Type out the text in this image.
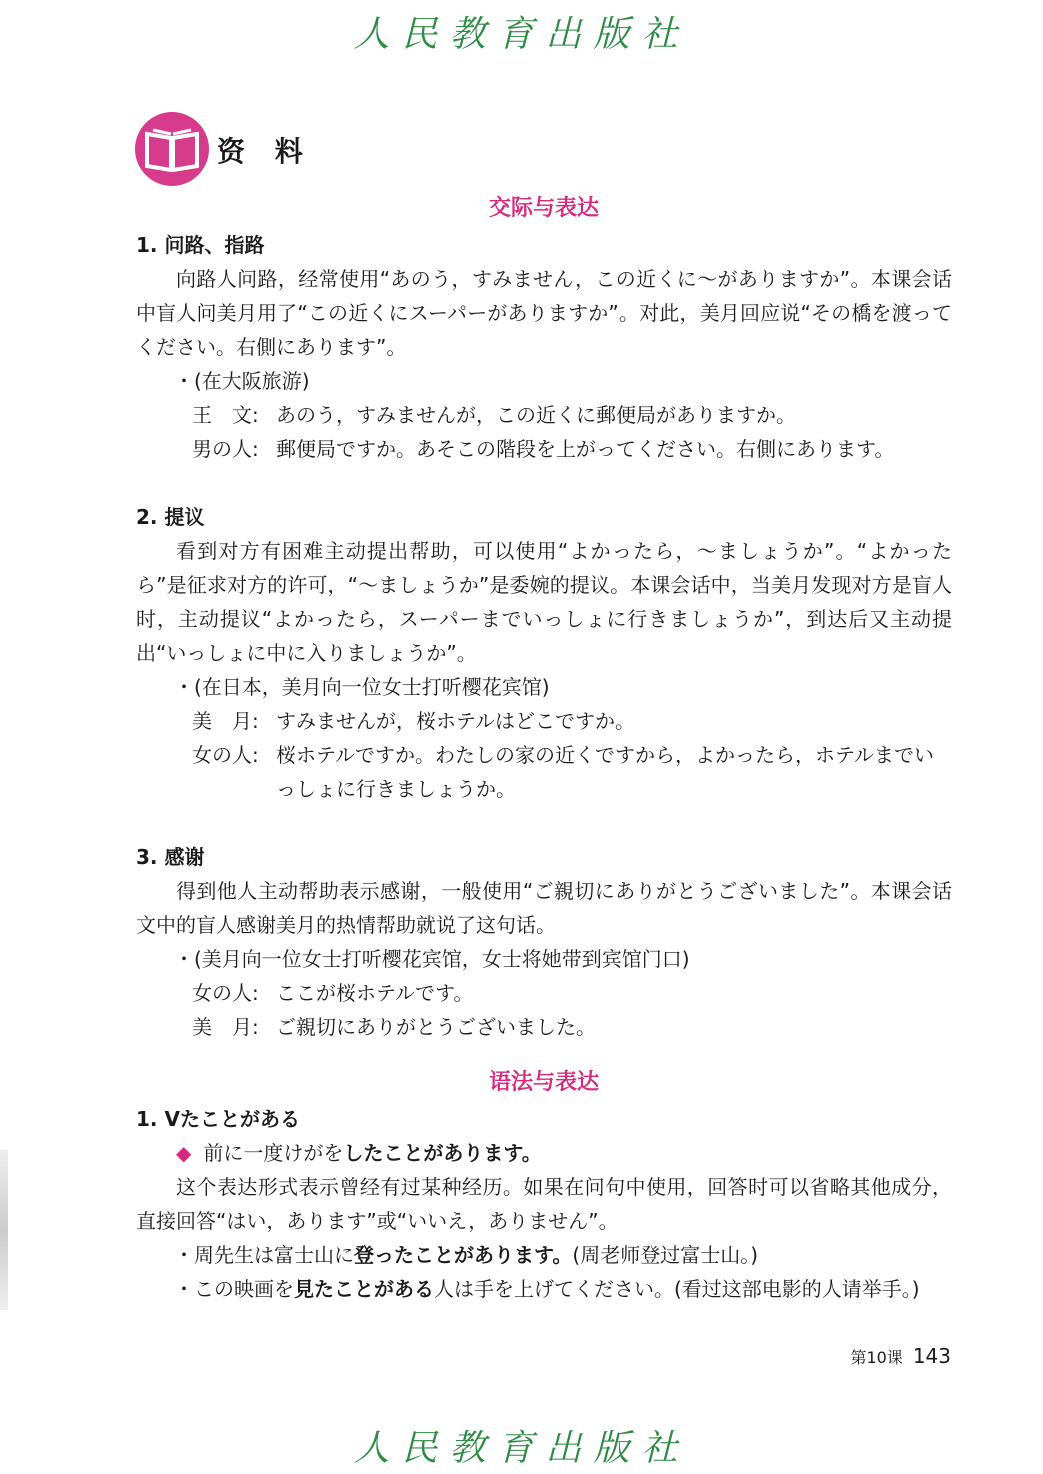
人民教育出版社
资 料
交际与表达
1. 问路、指路
向路人问路，经常使用“あのう，すみません，この近くに～がありますか”。本课会话中盲人问美月用了“この近くにスーパーがありますか”。对此，美月回应说“その橋を渡ってください。右側にあります”。
・(在大阪旅游)
王　文: あのう，すみませんが，この近くに郵便局がありますか。
男の人: 郵便局ですか。あそこの階段を上がってください。右側にあります。
2. 提议
看到对方有困难主动提出帮助，可以使用“よかったら，～ましょうか”。“よかったら”是征求对方的许可，“～ましょうか”是委婉的提议。本课会话中，当美月发现对方是盲人时，主动提议“よかったら，スーパーまでいっしょに行きましょうか”，到达后又主动提出“いっしょに中に入りましょうか”。
・(在日本，美月向一位女士打听樱花宾馆)
美　月: すみませんが，桜ホテルはどこですか。
女の人: 桜ホテルですか。わたしの家の近くですから，よかったら，ホテルまでいっしょに行きましょうか。
3. 感谢
得到他人主动帮助表示感谢，一般使用“ご親切にありがとうございました”。本课会话文中的盲人感谢美月的热情帮助就说了这句话。
・(美月向一位女士打听樱花宾馆，女士将她带到宾馆门口)
女の人: ここが桜ホテルです。
美　月: ご親切にありがとうございました。
语法与表达
1. Vたことがある
◆ 前に一度けがをしたことがあります。
这个表达形式表示曾经有过某种经历。如果在问句中使用，回答时可以省略其他成分，直接回答“はい，あります”或“いいえ，ありません”。
・周先生は富士山に登ったことがあります。(周老师登过富士山。)
・この映画を見たことがある人は手を上げてください。(看过这部电影的人请举手。)
第10课 143
人民教育出版社
